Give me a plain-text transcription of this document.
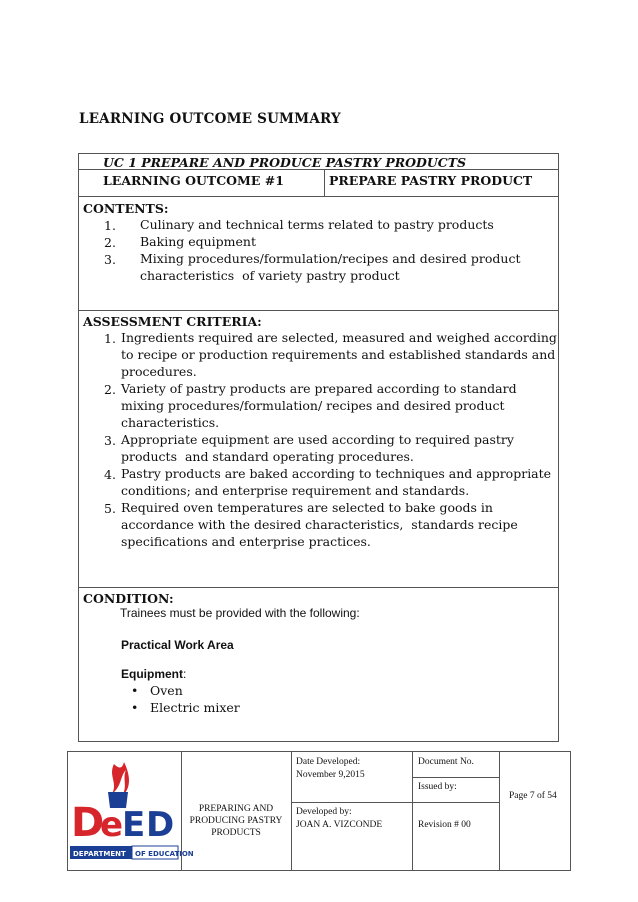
LEARNING OUTCOME SUMMARY
UC 1 PREPARE AND PRODUCE PASTRY PRODUCTS
LEARNING OUTCOME #1	PREPARE PASTRY PRODUCT
CONTENTS:
1. Culinary and technical terms related to pastry products
2. Baking equipment
3. Mixing procedures/formulation/recipes and desired product
characteristics  of variety pastry product
ASSESSMENT CRITERIA:
1. Ingredients required are selected, measured and weighed according
to recipe or production requirements and established standards and
procedures.
2. Variety of pastry products are prepared according to standard
mixing procedures/formulation/ recipes and desired product
characteristics.
3. Appropriate equipment are used according to required pastry
products  and standard operating procedures.
4. Pastry products are baked according to techniques and appropriate
conditions; and enterprise requirement and standards.
5. Required oven temperatures are selected to bake goods in
accordance with the desired characteristics,  standards recipe
specifications and enterprise practices.
CONDITION:
Trainees must be provided with the following:
Practical Work Area
Equipment:
• Oven
• Electric mixer
D
e
E D
DEPARTMENT OF EDUCATION
PREPARING AND
PRODUCING PASTRY
PRODUCTS
Date Developed:
November 9,2015
Document No.
Issued by:
Developed by:
JOAN A. VIZCONDE	Revision # 00
Page 7 of 54
